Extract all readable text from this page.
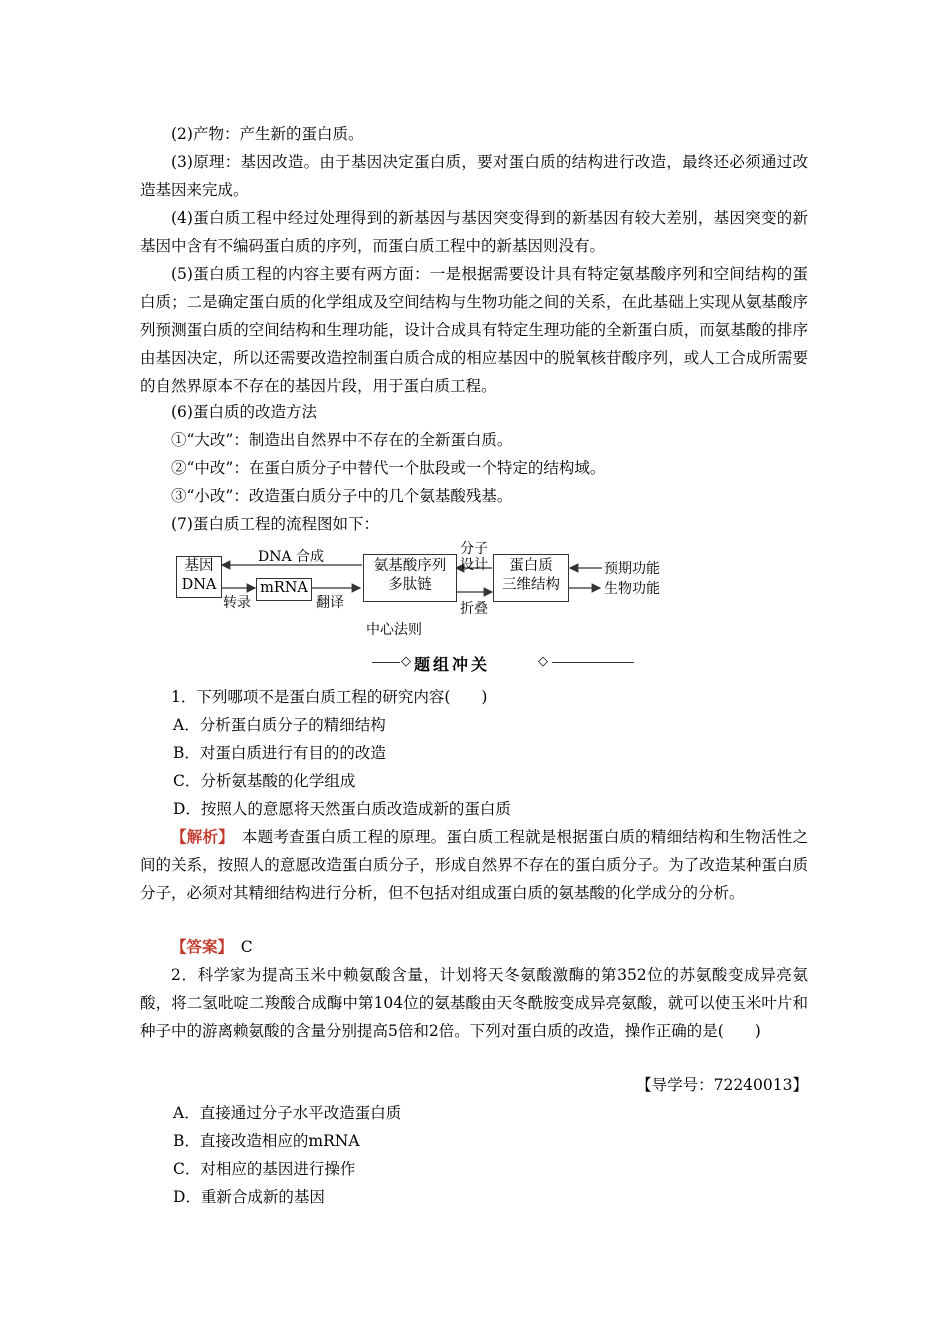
(2)产物：产生新的蛋白质。

(3)原理：基因改造。由于基因决定蛋白质，要对蛋白质的结构进行改造，最终还必须通过改造基因来完成。

(4)蛋白质工程中经过处理得到的新基因与基因突变得到的新基因有较大差别，基因突变的新基因中含有不编码蛋白质的序列，而蛋白质工程中的新基因则没有。

(5)蛋白质工程的内容主要有两方面：一是根据需要设计具有特定氨基酸序列和空间结构的蛋白质；二是确定蛋白质的化学组成及空间结构与生物功能之间的关系，在此基础上实现从氨基酸序列预测蛋白质的空间结构和生理功能，设计合成具有特定生理功能的全新蛋白质，而氨基酸的排序由基因决定，所以还需要改造控制蛋白质合成的相应基因中的脱氧核苷酸序列，或人工合成所需要的自然界原本不存在的基因片段，用于蛋白质工程。

(6)蛋白质的改造方法

①“大改”：制造出自然界中不存在的全新蛋白质。

②“中改”：在蛋白质分子中替代一个肽段或一个特定的结构域。

③“小改”：改造蛋白质分子中的几个氨基酸残基。

(7)蛋白质工程的流程图如下：

基因
DNA	mRNA
氨基酸序列
多肽链
蛋白质
三维结构
DNA 合成
转录	翻译
分子
设计
折叠
预期功能
生物功能
中心法则
◇ 题组冲关	◇

1．下列哪项不是蛋白质工程的研究内容(　　)

A．分析蛋白质分子的精细结构

B．对蛋白质进行有目的的改造

C．分析氨基酸的化学组成

D．按照人的意愿将天然蛋白质改造成新的蛋白质

【解析】　本题考查蛋白质工程的原理。蛋白质工程就是根据蛋白质的精细结构和生物活性之间的关系，按照人的意愿改造蛋白质分子，形成自然界不存在的蛋白质分子。为了改造某种蛋白质分子，必须对其精细结构进行分析，但不包括对组成蛋白质的氨基酸的化学成分的分析。

【答案】　C

2．科学家为提高玉米中赖氨酸含量，计划将天冬氨酸激酶的第352位的苏氨酸变成异亮氨酸，将二氢吡啶二羧酸合成酶中第104位的氨基酸由天冬酰胺变成异亮氨酸，就可以使玉米叶片和种子中的游离赖氨酸的含量分别提高5倍和2倍。下列对蛋白质的改造，操作正确的是(　　)

【导学号：72240013】

A．直接通过分子水平改造蛋白质

B．直接改造相应的mRNA

C．对相应的基因进行操作

D．重新合成新的基因
